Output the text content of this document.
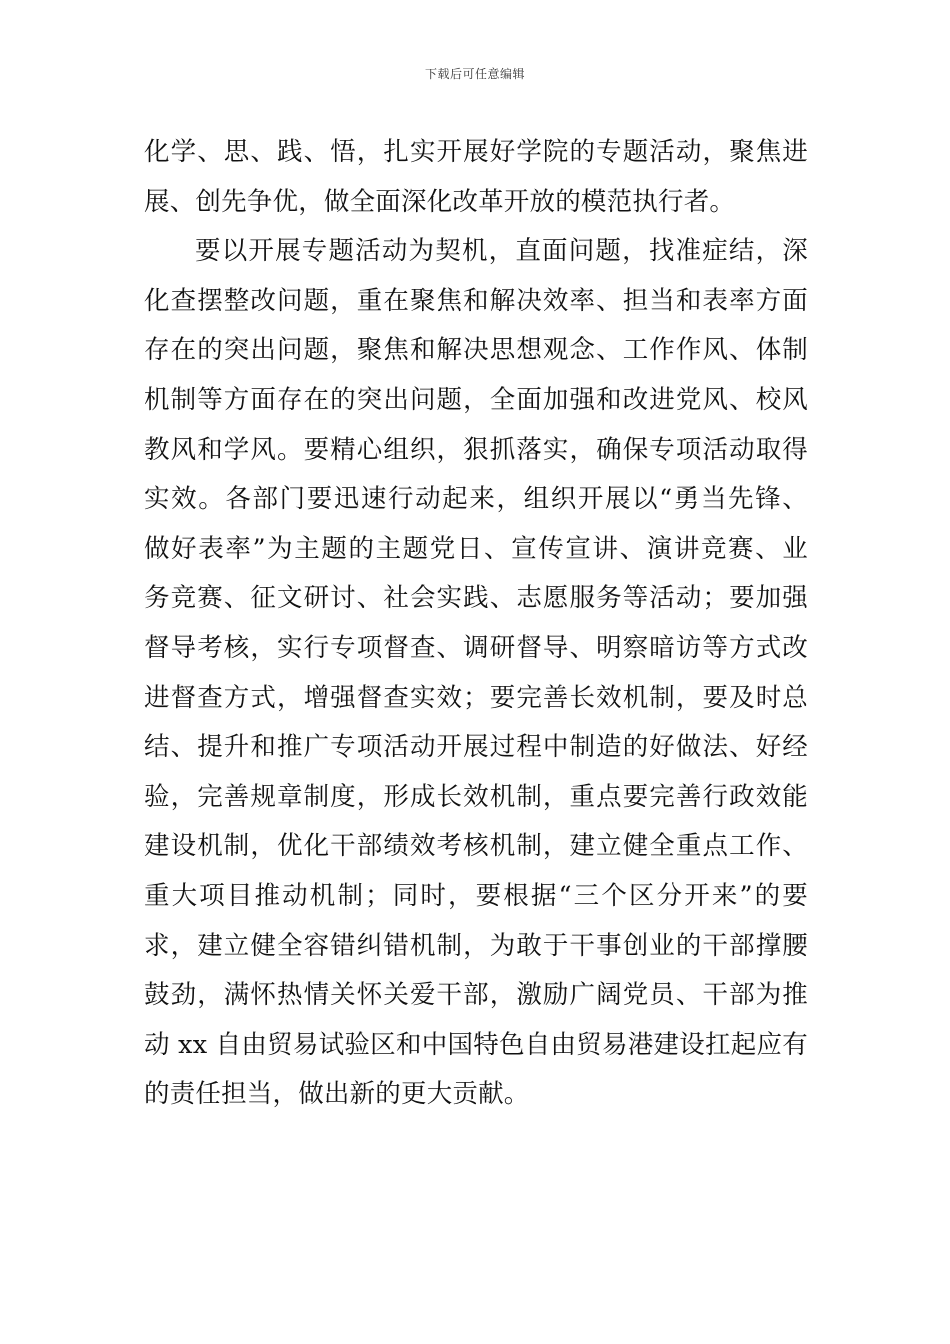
下载后可任意编辑
化学、思、践、悟，扎实开展好学院的专题活动，聚焦进
展、创先争优，做全面深化改革开放的模范执行者。
要以开展专题活动为契机，直面问题，找准症结，深
化查摆整改问题，重在聚焦和解决效率、担当和表率方面
存在的突出问题，聚焦和解决思想观念、工作作风、体制
机制等方面存在的突出问题，全面加强和改进党风、校风
教风和学风。要精心组织，狠抓落实，确保专项活动取得
实效。各部门要迅速行动起来，组织开展以“勇当先锋、
做好表率”为主题的主题党日、宣传宣讲、演讲竞赛、业
务竞赛、征文研讨、社会实践、志愿服务等活动；要加强
督导考核，实行专项督查、调研督导、明察暗访等方式改
进督查方式，增强督查实效；要完善长效机制，要及时总
结、提升和推广专项活动开展过程中制造的好做法、好经
验，完善规章制度，形成长效机制，重点要完善行政效能
建设机制，优化干部绩效考核机制，建立健全重点工作、
重大项目推动机制；同时，要根据“三个区分开来”的要
求，建立健全容错纠错机制，为敢于干事创业的干部撑腰
鼓劲，满怀热情关怀关爱干部，激励广阔党员、干部为推
动 xx 自由贸易试验区和中国特色自由贸易港建设扛起应有
的责任担当，做出新的更大贡献。
